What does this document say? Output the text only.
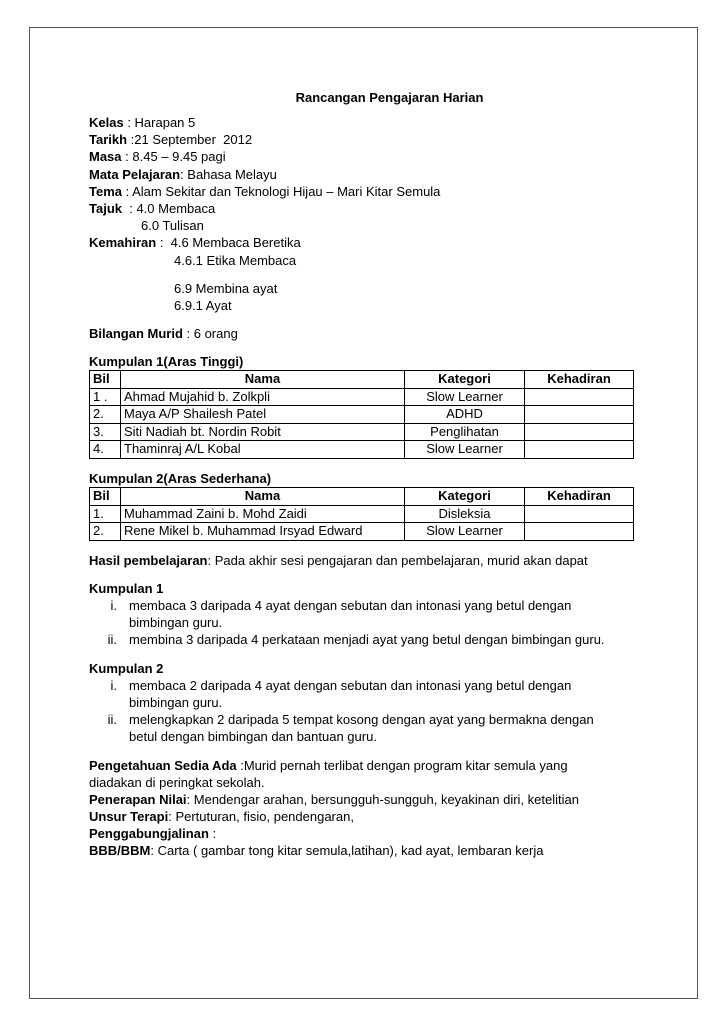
Rancangan Pengajaran Harian
Kelas : Harapan 5
Tarikh :21 September  2012
Masa : 8.45 – 9.45 pagi
Mata Pelajaran: Bahasa Melayu
Tema : Alam Sekitar dan Teknologi Hijau – Mari Kitar Semula
Tajuk  : 4.0 Membaca
6.0 Tulisan
Kemahiran :  4.6 Membaca Beretika
4.6.1 Etika Membaca
6.9 Membina ayat
6.9.1 Ayat
Bilangan Murid : 6 orang
Kumpulan 1(Aras Tinggi)
Bil	Nama	Kategori	Kehadiran
1 .	Ahmad Mujahid b. Zolkpli	Slow Learner	
2.	Maya A/P Shailesh Patel	ADHD	
3.	Siti Nadiah bt. Nordin Robit	Penglihatan	
4.	Thaminraj A/L Kobal	Slow Learner	
Kumpulan 2(Aras Sederhana)
Bil	Nama	Kategori	Kehadiran
1.	Muhammad Zaini b. Mohd Zaidi	Disleksia	
2.	Rene Mikel b. Muhammad Irsyad Edward	Slow Learner	
Hasil pembelajaran: Pada akhir sesi pengajaran dan pembelajaran, murid akan dapat
Kumpulan 1
i. membaca 3 daripada 4 ayat dengan sebutan dan intonasi yang betul dengan
bimbingan guru.
ii. membina 3 daripada 4 perkataan menjadi ayat yang betul dengan bimbingan guru.
Kumpulan 2
i. membaca 2 daripada 4 ayat dengan sebutan dan intonasi yang betul dengan
bimbingan guru.
ii. melengkapkan 2 daripada 5 tempat kosong dengan ayat yang bermakna dengan
betul dengan bimbingan dan bantuan guru.
Pengetahuan Sedia Ada :Murid pernah terlibat dengan program kitar semula yang
diadakan di peringkat sekolah.
Penerapan Nilai: Mendengar arahan, bersungguh-sungguh, keyakinan diri, ketelitian
Unsur Terapi: Pertuturan, fisio, pendengaran,
Penggabungjalinan :
BBB/BBM: Carta ( gambar tong kitar semula,latihan), kad ayat, lembaran kerja
